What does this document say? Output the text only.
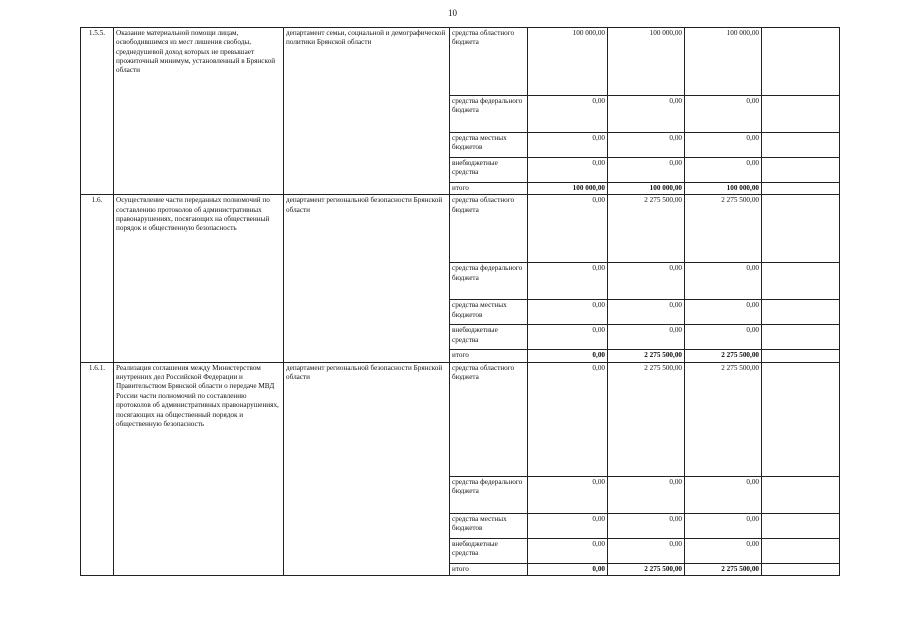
10
1.5.5.	Оказание материальной помощи лицам, освободившимся из мест лишения свободы, среднедушевой доход которых не превышает прожиточный минимум, установленный в Брянской области	департамент семьи, социальной и демографической политики Брянской области	средства областного бюджета	100 000,00	100 000,00	100 000,00	
			средства федерального бюджета	0,00	0,00	0,00	
			средства местных бюджетов	0,00	0,00	0,00	
			внебюджетные средства	0,00	0,00	0,00	
			итого	100 000,00	100 000,00	100 000,00	
1.6.	Осуществление части переданных полномочий по составлению протоколов об административных правонарушениях, посягающих на общественный порядок и общественную безопасность	департамент региональной безопасности Брянской области	средства областного бюджета	0,00	2 275 500,00	2 275 500,00	
			средства федерального бюджета	0,00	0,00	0,00	
			средства местных бюджетов	0,00	0,00	0,00	
			внебюджетные средства	0,00	0,00	0,00	
			итого	0,00	2 275 500,00	2 275 500,00	
1.6.1.	Реализация соглашения между Министерством внутренних дел Российской Федерации и Правительством Брянской области о передаче МВД России части полномочий по составлению протоколов об административных правонарушениях, посягающих на общественный порядок и общественную безопасность	департамент региональной безопасности Брянской области	средства областного бюджета	0,00	2 275 500,00	2 275 500,00	
			средства федерального бюджета	0,00	0,00	0,00	
			средства местных бюджетов	0,00	0,00	0,00	
			внебюджетные средства	0,00	0,00	0,00	
			итого	0,00	2 275 500,00	2 275 500,00	
